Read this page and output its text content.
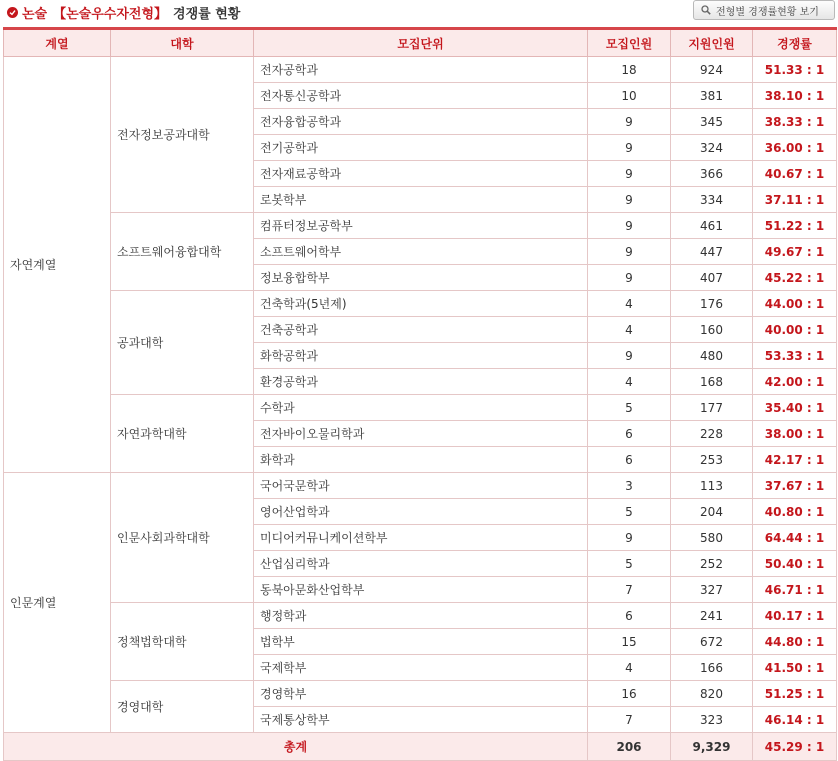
논술 【논술우수자전형】 경쟁률 현황	전형별 경쟁률현황 보기
계열	대학	모집단위	모집인원	지원인원	경쟁률
자연계열	전자정보공과대학	전자공학과	18	924	51.33 : 1
		전자통신공학과	10	381	38.10 : 1
		전자융합공학과	9	345	38.33 : 1
		전기공학과	9	324	36.00 : 1
		전자재료공학과	9	366	40.67 : 1
		로봇학부	9	334	37.11 : 1
	소프트웨어융합대학	컴퓨터정보공학부	9	461	51.22 : 1
		소프트웨어학부	9	447	49.67 : 1
		정보융합학부	9	407	45.22 : 1
	공과대학	건축학과(5년제)	4	176	44.00 : 1
		건축공학과	4	160	40.00 : 1
		화학공학과	9	480	53.33 : 1
		환경공학과	4	168	42.00 : 1
	자연과학대학	수학과	5	177	35.40 : 1
		전자바이오물리학과	6	228	38.00 : 1
		화학과	6	253	42.17 : 1
인문계열	인문사회과학대학	국어국문학과	3	113	37.67 : 1
		영어산업학과	5	204	40.80 : 1
		미디어커뮤니케이션학부	9	580	64.44 : 1
		산업심리학과	5	252	50.40 : 1
		동북아문화산업학부	7	327	46.71 : 1
	정책법학대학	행정학과	6	241	40.17 : 1
		법학부	15	672	44.80 : 1
		국제학부	4	166	41.50 : 1
	경영대학	경영학부	16	820	51.25 : 1
		국제통상학부	7	323	46.14 : 1
총계			206	9,329	45.29 : 1
